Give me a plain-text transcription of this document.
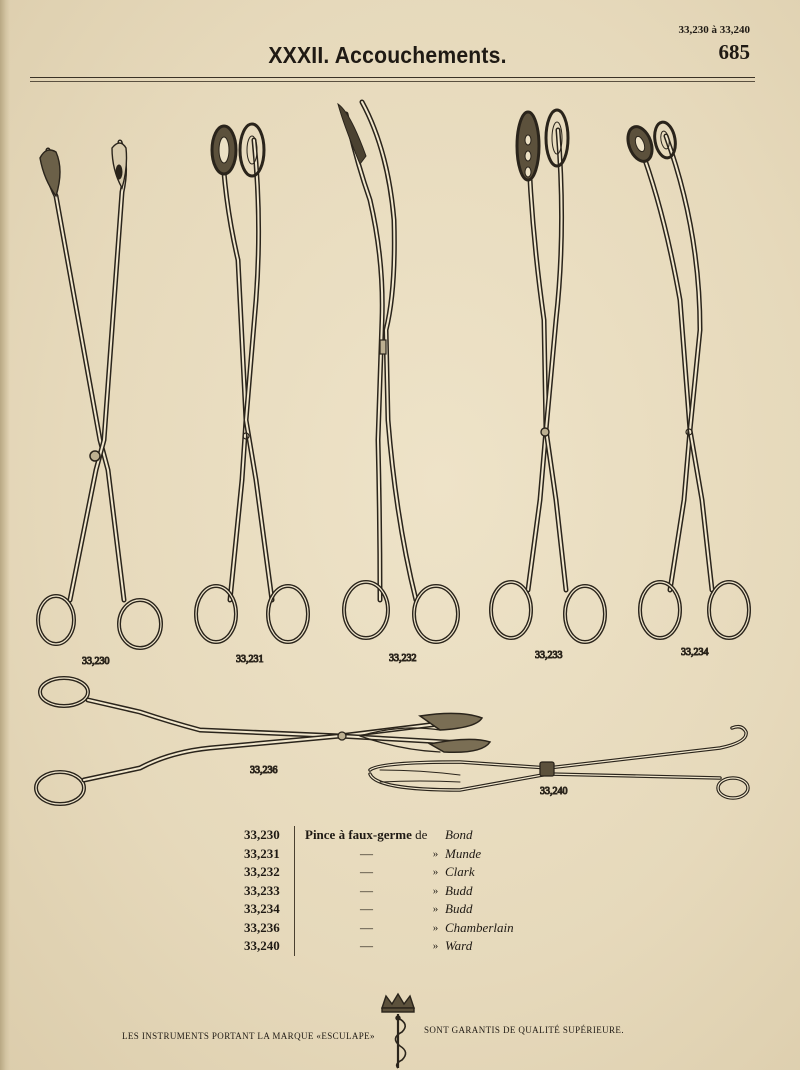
33,230 à 33,240
685
XXXII. Accouchements.
33,230	33,231	33,232	33,233	33,234
33,236
33,240
33,230	Pince à faux-germe de		Bond
33,231	—	»	Munde
33,232	—	»	Clark
33,233	—	»	Budd
33,234	—	»	Budd
33,236	—	»	Chamberlain
33,240	—	»	Ward
LES INSTRUMENTS PORTANT LA MARQUE «ESCULAPE»
SONT GARANTIS DE QUALITÉ SUPÉRIEURE.
